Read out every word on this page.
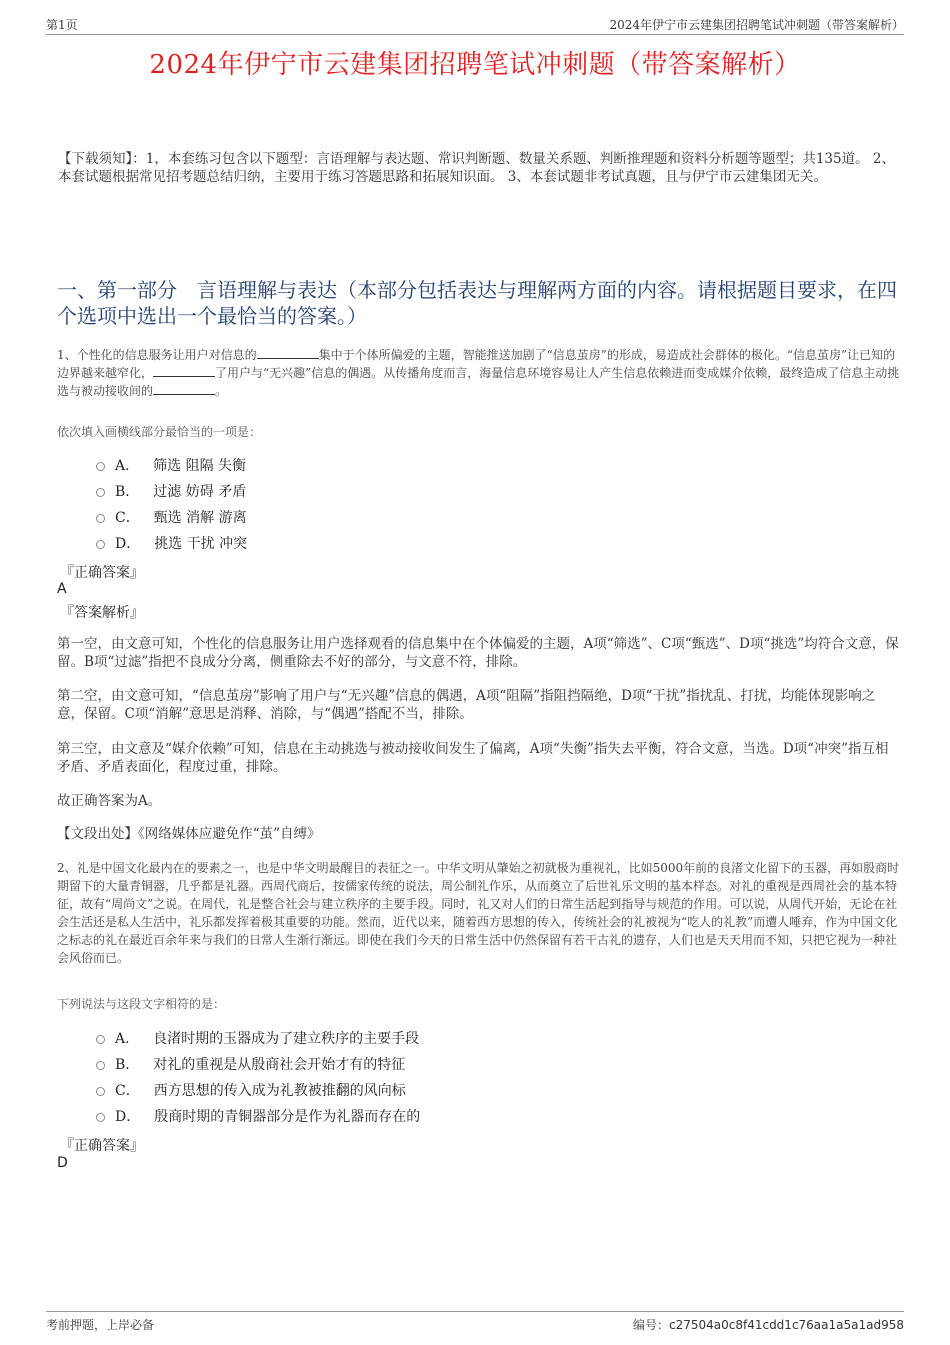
第1页	2024年伊宁市云建集团招聘笔试冲刺题（带答案解析）
2024年伊宁市云建集团招聘笔试冲刺题（带答案解析）
【下载须知】：1，本套练习包含以下题型：言语理解与表达题、常识判断题、数量关系题、判断推理题和资料分析题等题型；共135道。 2、本套试题根据常见招考题总结归纳，主要用于练习答题思路和拓展知识面。 3、本套试题非考试真题，且与伊宁市云建集团无关。
一、第一部分　言语理解与表达（本部分包括表达与理解两方面的内容。请根据题目要求，在四个选项中选出一个最恰当的答案。）
1、个性化的信息服务让用户对信息的	集中于个体所偏爱的主题，智能推送加剧了“信息茧房”的形成，易造成社会群体的极化。“信息茧房”让已知的边界越来越窄化，	了用户与“无兴趣”信息的偶遇。从传播角度而言，海量信息环境容易让人产生信息依赖进而变成媒介依赖，最终造成了信息主动挑选与被动接收间的	。
依次填入画横线部分最恰当的一项是：
A． 筛选 阻隔 失衡
B． 过滤 妨碍 矛盾
C． 甄选 消解 游离
D． 挑选 干扰 冲突
『正确答案』
A
『答案解析』
第一空，由文意可知，个性化的信息服务让用户选择观看的信息集中在个体偏爱的主题，A项“筛选”、C项“甄选”、D项“挑选”均符合文意，保留。B项“过滤”指把不良成分分离，侧重除去不好的部分，与文意不符，排除。
第二空，由文意可知，“信息茧房”影响了用户与“无兴趣”信息的偶遇，A项“阻隔”指阻挡隔绝，D项“干扰”指扰乱、打扰，均能体现影响之意，保留。C项“消解”意思是消释、消除，与“偶遇”搭配不当，排除。
第三空，由文意及“媒介依赖”可知，信息在主动挑选与被动接收间发生了偏离，A项“失衡”指失去平衡，符合文意，当选。D项“冲突”指互相矛盾、矛盾表面化，程度过重，排除。
故正确答案为A。
【文段出处】《网络媒体应避免作“茧”自缚》
2、礼是中国文化最内在的要素之一，也是中华文明最醒目的表征之一。中华文明从肇始之初就极为重视礼，比如5000年前的良渚文化留下的玉器，再如殷商时期留下的大量青铜器，几乎都是礼器。西周代商后，按儒家传统的说法，周公制礼作乐，从而奠立了后世礼乐文明的基本样态。对礼的重视是西周社会的基本特征，故有“周尚文”之说。在周代，礼是整合社会与建立秩序的主要手段。同时，礼又对人们的日常生活起到指导与规范的作用。可以说，从周代开始，无论在社会生活还是私人生活中，礼乐都发挥着极其重要的功能。然而，近代以来，随着西方思想的传入，传统社会的礼被视为“吃人的礼教”而遭人唾弃，作为中国文化之标志的礼在最近百余年来与我们的日常人生渐行渐远。即使在我们今天的日常生活中仍然保留有若干古礼的遗存，人们也是天天用而不知，只把它视为一种社会风俗而已。
下列说法与这段文字相符的是：
A． 良渚时期的玉器成为了建立秩序的主要手段
B． 对礼的重视是从殷商社会开始才有的特征
C． 西方思想的传入成为礼教被推翻的风向标
D． 殷商时期的青铜器部分是作为礼器而存在的
『正确答案』
D
考前押题，上岸必备	编号：c27504a0c8f41cdd1c76aa1a5a1ad958
